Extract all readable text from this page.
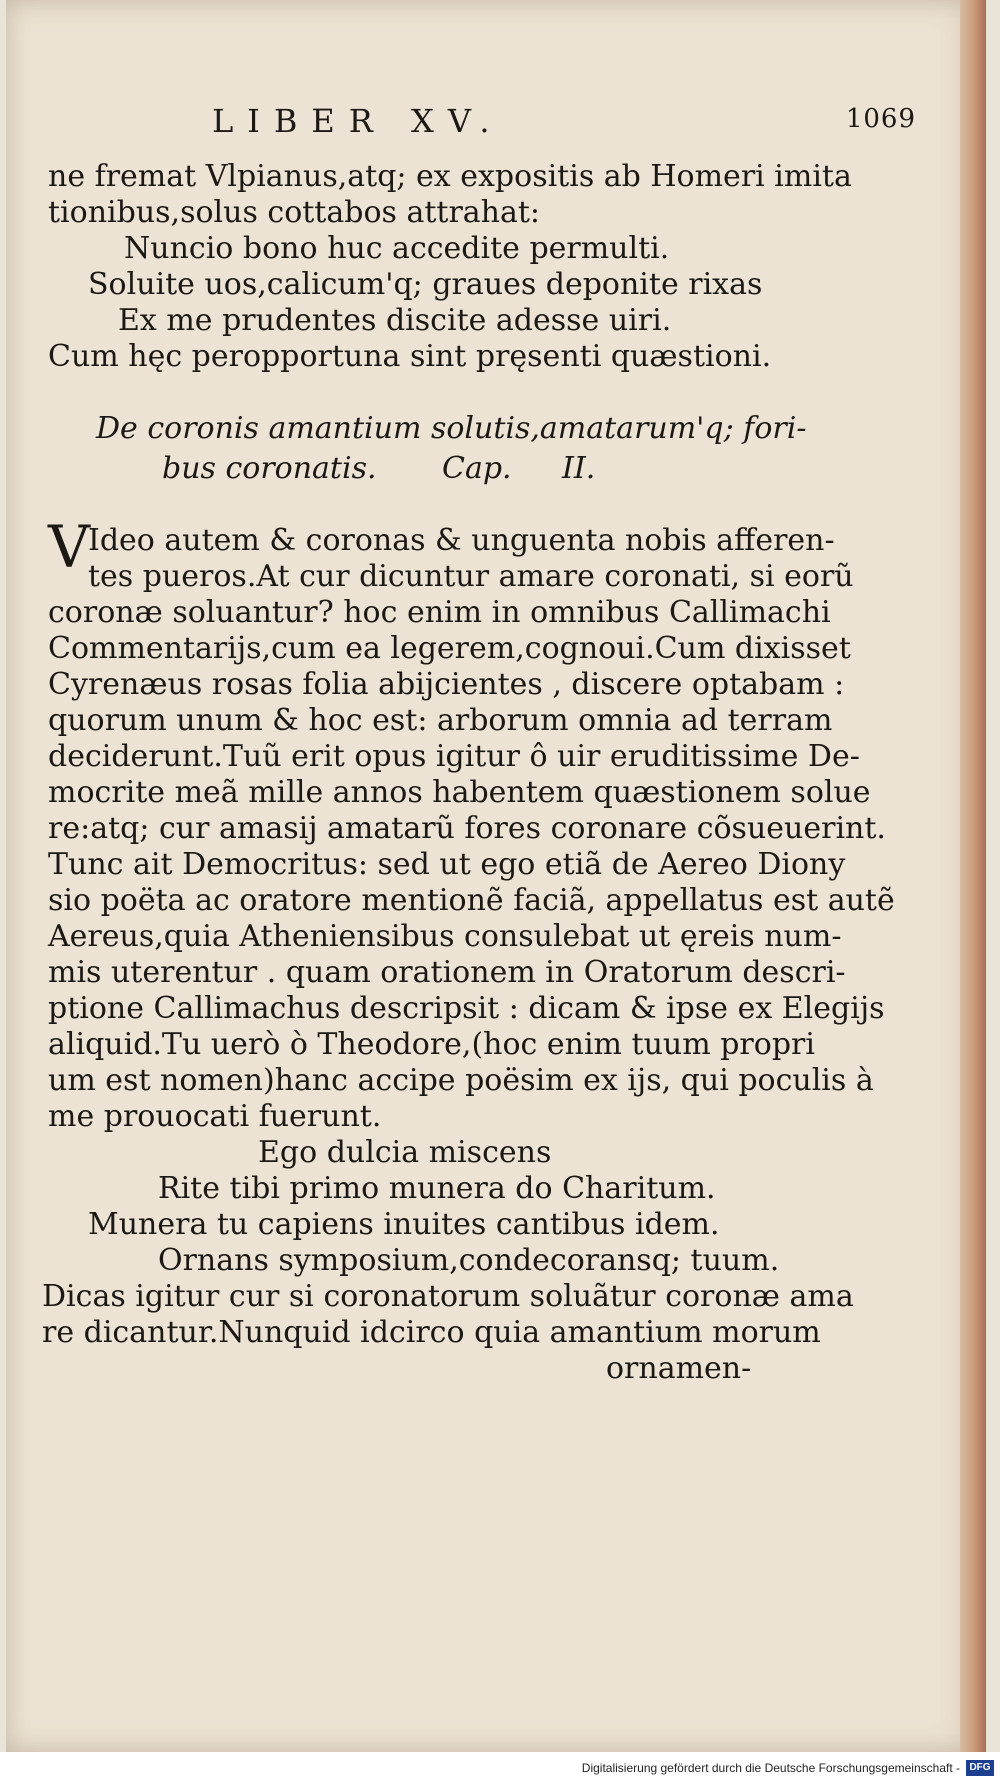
LIBER XV.	1069
ne fremat Vlpianus,atq; ex expositis ab Homeri imita
tionibus,solus cottabos attrahat:
Nuncio bono huc accedite permulti.
Soluite uos,calicum'q; graues deponite rixas
Ex me prudentes discite adesse uiri.
Cum hęc peropportuna sint pręsenti quæstioni.
De coronis amantium solutis,amatarum'q; fori-
bus coronatis. Cap. II.
V
Ideo autem & coronas & unguenta nobis afferen-
tes pueros.At cur dicuntur amare coronati, si eorũ
coronæ soluantur? hoc enim in omnibus Callimachi
Commentarijs,cum ea legerem,cognoui.Cum dixisset
Cyrenæus rosas folia abijcientes , discere optabam :
quorum unum & hoc est: arborum omnia ad terram
deciderunt.Tuũ erit opus igitur ô uir eruditissime De-
mocrite meã mille annos habentem quæstionem solue
re:atq; cur amasij amatarũ fores coronare cõsueuerint.
Tunc ait Democritus: sed ut ego etiã de Aereo Diony
sio poëta ac oratore mentionẽ faciã, appellatus est autẽ
Aereus,quia Atheniensibus consulebat ut ęreis num-
mis uterentur . quam orationem in Oratorum descri-
ptione Callimachus descripsit : dicam & ipse ex Elegijs
aliquid.Tu uerò ò Theodore,(hoc enim tuum propri
um est nomen)hanc accipe poësim ex ijs, qui poculis à
me prouocati fuerunt.
Ego dulcia miscens
Rite tibi primo munera do Charitum.
Munera tu capiens inuites cantibus idem.
Ornans symposium,condecoransq; tuum.
Dicas igitur cur si coronatorum soluãtur coronæ ama
re dicantur.Nunquid idcirco quia amantium morum
ornamen-
Digitalisierung gefördert durch die Deutsche Forschungsgemeinschaft - DFG
